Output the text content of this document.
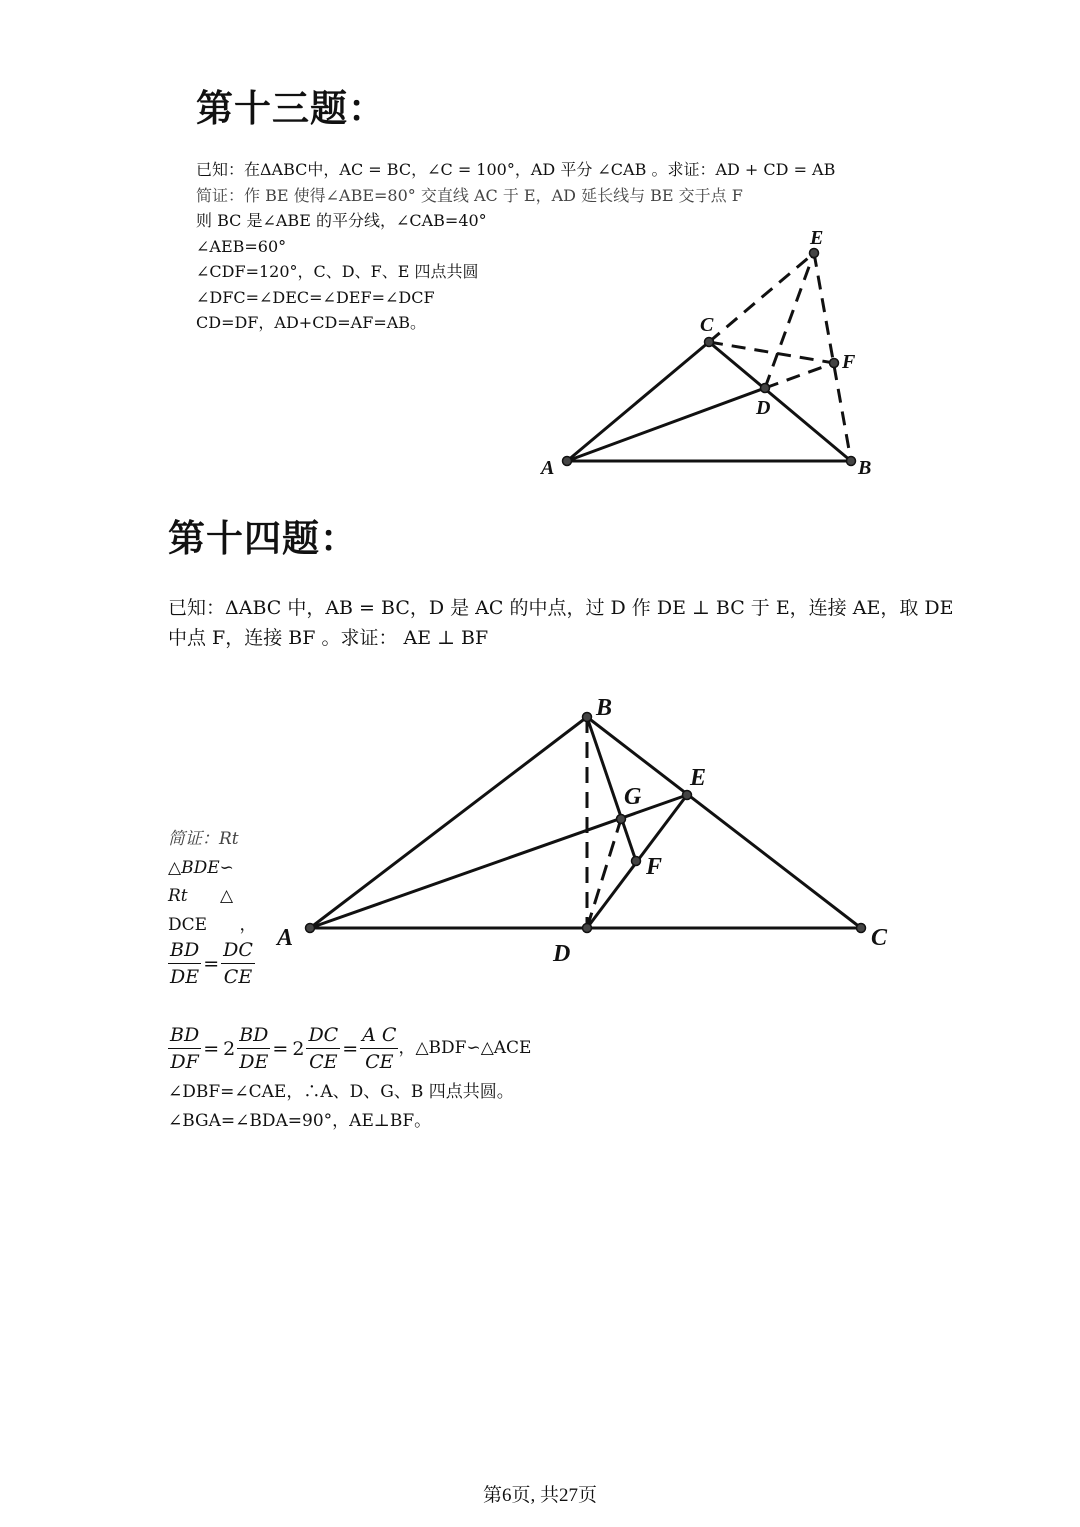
第十三题：
已知：在ΔABC中，AC = BC，∠C = 100°，AD 平分 ∠CAB 。求证：AD + CD = AB
简证：作 BE 使得∠ABE=80° 交直线 AC 于 E，AD 延长线与 BE 交于点 F
则 BC 是∠ABE 的平分线，∠CAB=40°
∠AEB=60°
∠CDF=120°，C、D、F、E 四点共圆
∠DFC=∠DEC=∠DEF=∠DCF
CD=DF，AD+CD=AF=AB。
A	B
C
D
E
F
A
B
C
D
E
F
G
第十四题：
已知：ΔABC 中，AB = BC，D 是 AC 的中点，过 D 作 DE ⊥ BC 于 E，连接 AE，取 DE
中点 F，连接 BF 。求证： AE ⊥ BF
简证：Rt
△BDE∽
Rt      △
DCE      ，
$\frac{BD}{DE} = \frac{DC}{CE}$
$\frac{BD}{DF} = 2 \frac{BD}{DE} = 2 \frac{DC}{CE} = \frac{\text{A C}}{CE}$ ，△BDF∽△ACE
∠DBF=∠CAE，∴A、D、G、B 四点共圆。
∠BGA=∠BDA=90°，AE⊥BF。
第6页, 共27页
